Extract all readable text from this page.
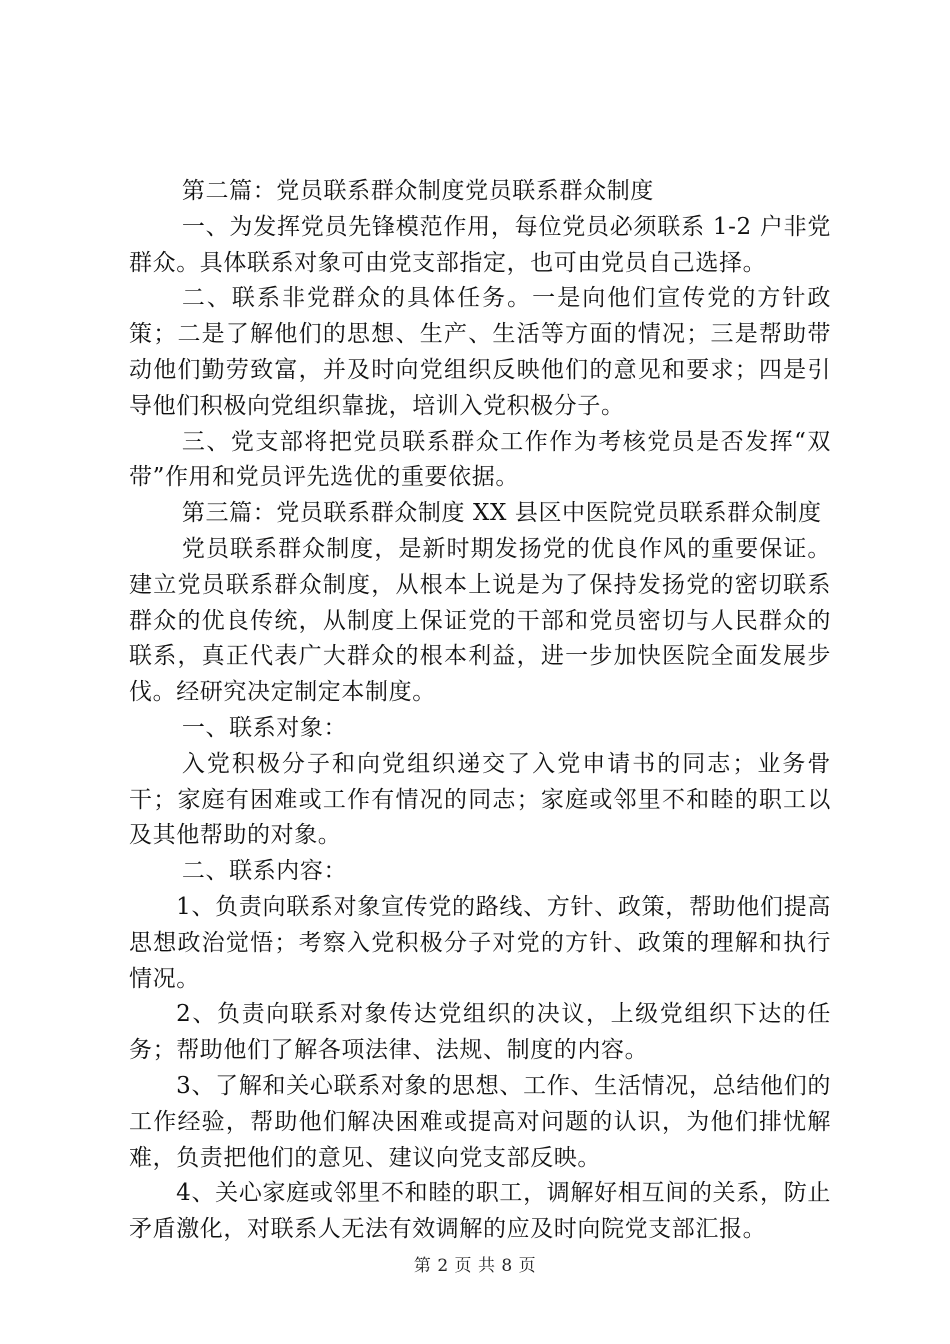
第二篇：党员联系群众制度党员联系群众制度

一、为发挥党员先锋模范作用，每位党员必须联系 1-2 户非党群众。具体联系对象可由党支部指定，也可由党员自己选择。

二、联系非党群众的具体任务。一是向他们宣传党的方针政策；二是了解他们的思想、生产、生活等方面的情况；三是帮助带动他们勤劳致富，并及时向党组织反映他们的意见和要求；四是引导他们积极向党组织靠拢，培训入党积极分子。

三、党支部将把党员联系群众工作作为考核党员是否发挥“双带”作用和党员评先选优的重要依据。

第三篇：党员联系群众制度 XX 县区中医院党员联系群众制度

党员联系群众制度，是新时期发扬党的优良作风的重要保证。建立党员联系群众制度，从根本上说是为了保持发扬党的密切联系群众的优良传统，从制度上保证党的干部和党员密切与人民群众的联系，真正代表广大群众的根本利益，进一步加快医院全面发展步伐。经研究决定制定本制度。

一、联系对象：

入党积极分子和向党组织递交了入党申请书的同志；业务骨干；家庭有困难或工作有情况的同志；家庭或邻里不和睦的职工以及其他帮助的对象。

二、联系内容：

1、负责向联系对象宣传党的路线、方针、政策，帮助他们提高思想政治觉悟；考察入党积极分子对党的方针、政策的理解和执行情况。

2、负责向联系对象传达党组织的决议，上级党组织下达的任务；帮助他们了解各项法律、法规、制度的内容。

3、了解和关心联系对象的思想、工作、生活情况，总结他们的工作经验，帮助他们解决困难或提高对问题的认识，为他们排忧解难，负责把他们的意见、建议向党支部反映。

4、关心家庭或邻里不和睦的职工，调解好相互间的关系，防止矛盾激化，对联系人无法有效调解的应及时向院党支部汇报。

第 2 页 共 8 页
